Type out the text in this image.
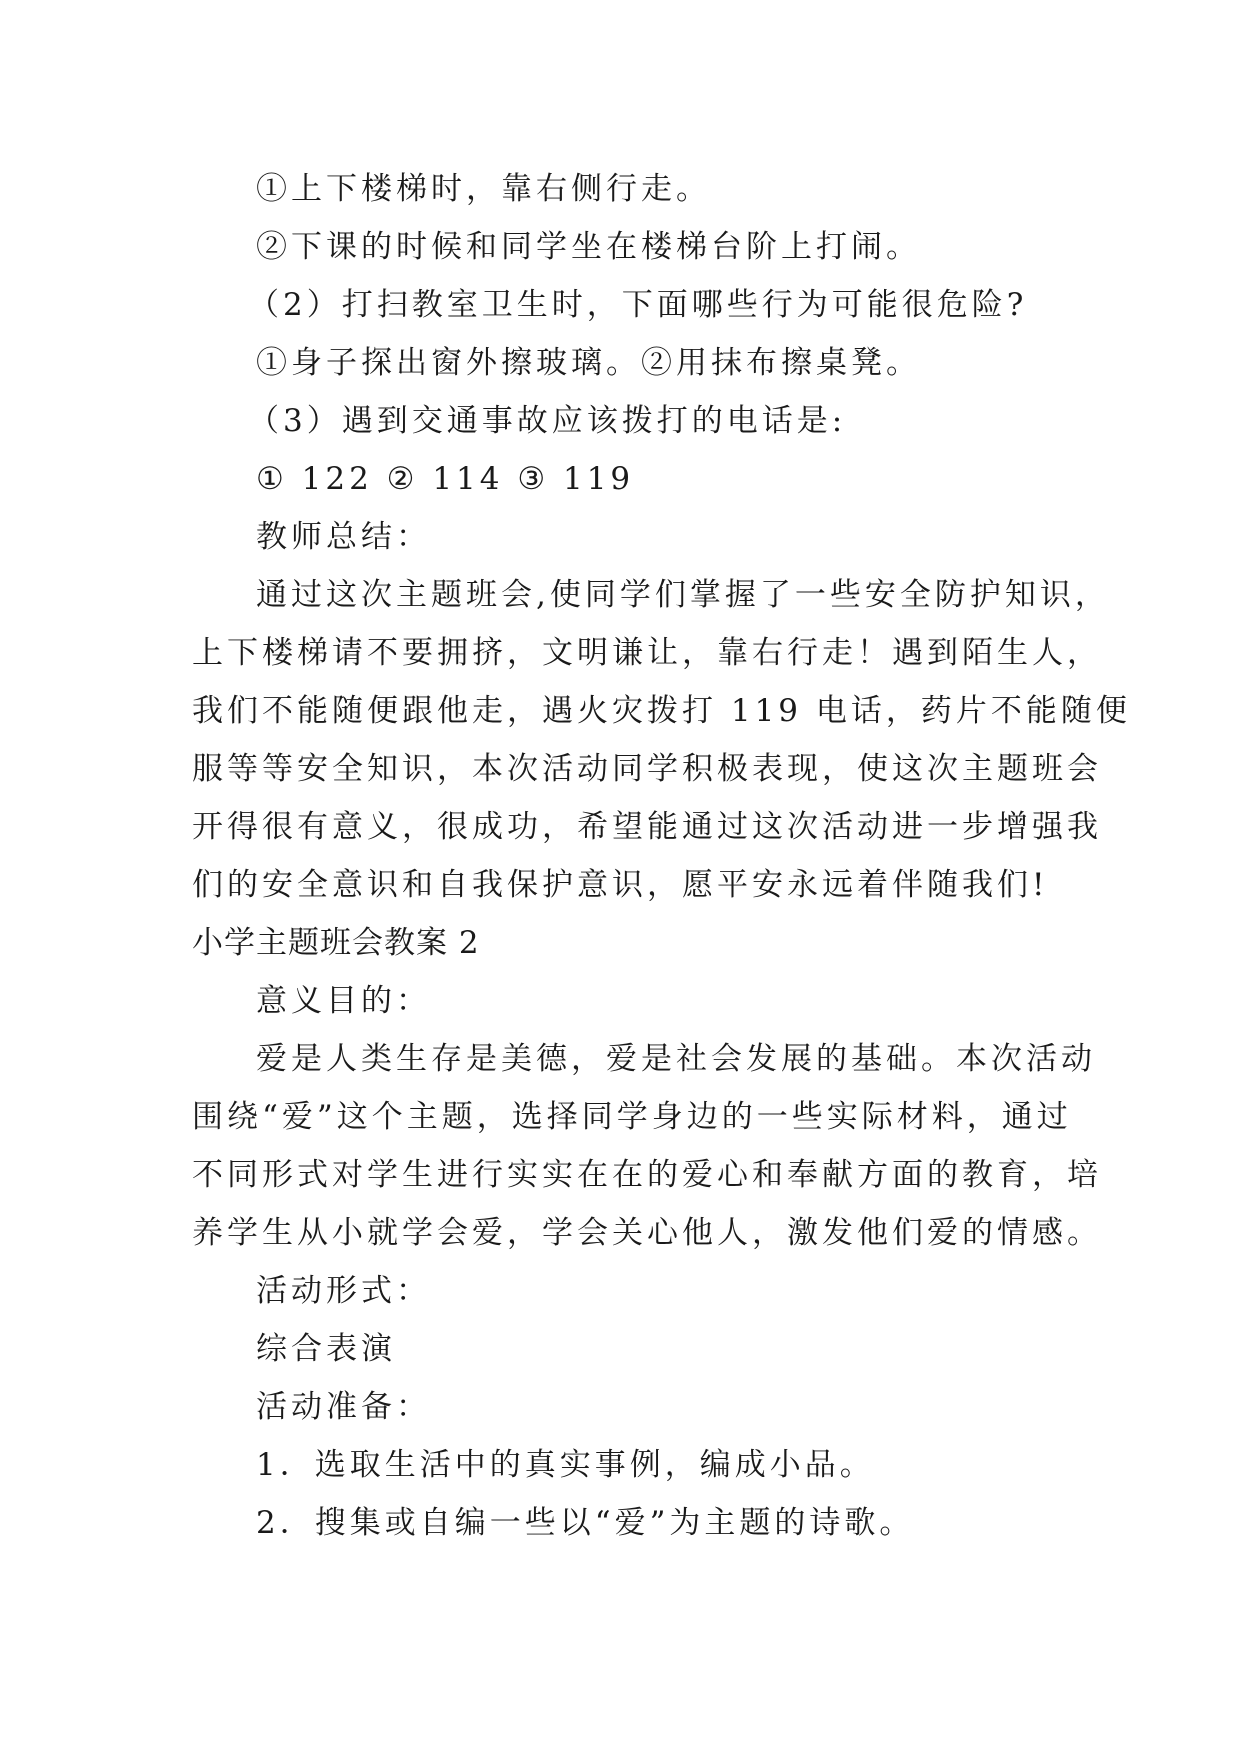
①上下楼梯时，靠右侧行走。
②下课的时候和同学坐在楼梯台阶上打闹。
（2）打扫教室卫生时，下面哪些行为可能很危险?
①身子探出窗外擦玻璃。②用抹布擦桌凳。
（3）遇到交通事故应该拨打的电话是:
① 122 ② 114 ③ 119
教师总结：
通过这次主题班会,使同学们掌握了一些安全防护知识，
上下楼梯请不要拥挤，文明谦让，靠右行走！遇到陌生人，
我们不能随便跟他走，遇火灾拨打 119 电话，药片不能随便
服等等安全知识，本次活动同学积极表现，使这次主题班会
开得很有意义，很成功，希望能通过这次活动进一步增强我
们的安全意识和自我保护意识，愿平安永远着伴随我们!
小学主题班会教案 2
意义目的：
爱是人类生存是美德，爱是社会发展的基础。本次活动
围绕“爱”这个主题，选择同学身边的一些实际材料，通过
不同形式对学生进行实实在在的爱心和奉献方面的教育，培
养学生从小就学会爱，学会关心他人，激发他们爱的情感。
活动形式：
综合表演
活动准备：
1．选取生活中的真实事例，编成小品。
2．搜集或自编一些以“爱”为主题的诗歌。
